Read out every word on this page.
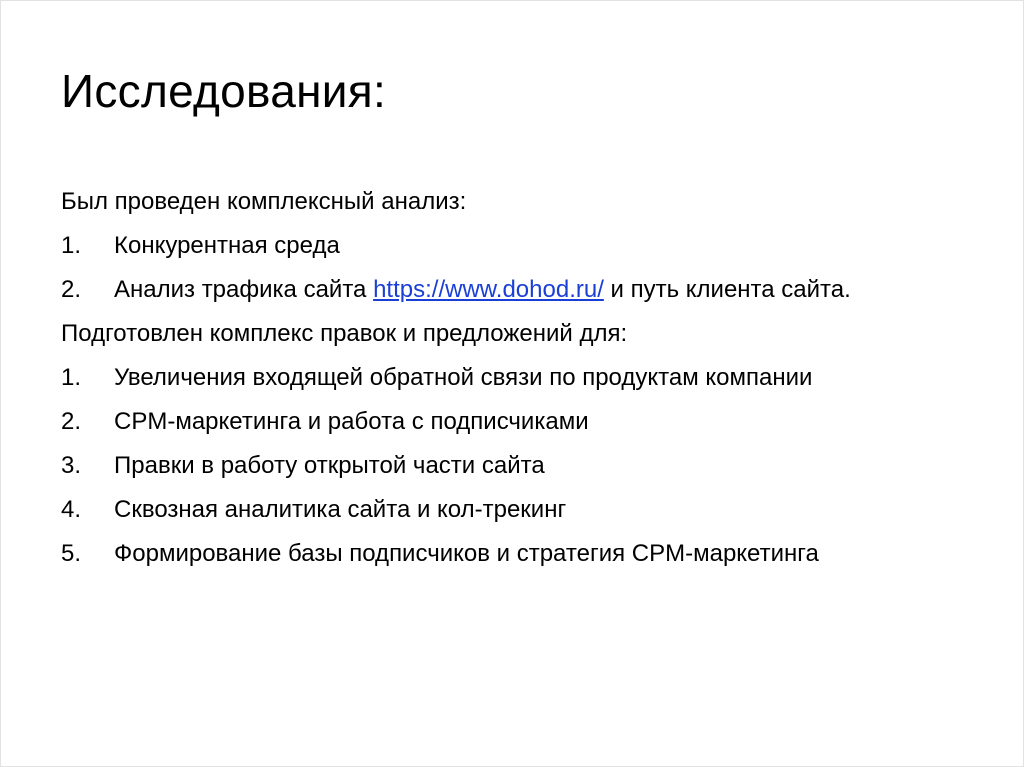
Исследования:

Был проведен комплексный анализ:

1. Конкурентная среда
2. Анализ трафика сайта https://www.dohod.ru/ и путь клиента сайта.

Подготовлен комплекс правок и предложений для:

1. Увеличения входящей обратной связи по продуктам компании
2. CPM-маркетинга и работа с подписчиками
3. Правки в работу открытой части сайта
4. Сквозная аналитика сайта и кол-трекинг
5. Формирование базы подписчиков и стратегия CPM-маркетинга
